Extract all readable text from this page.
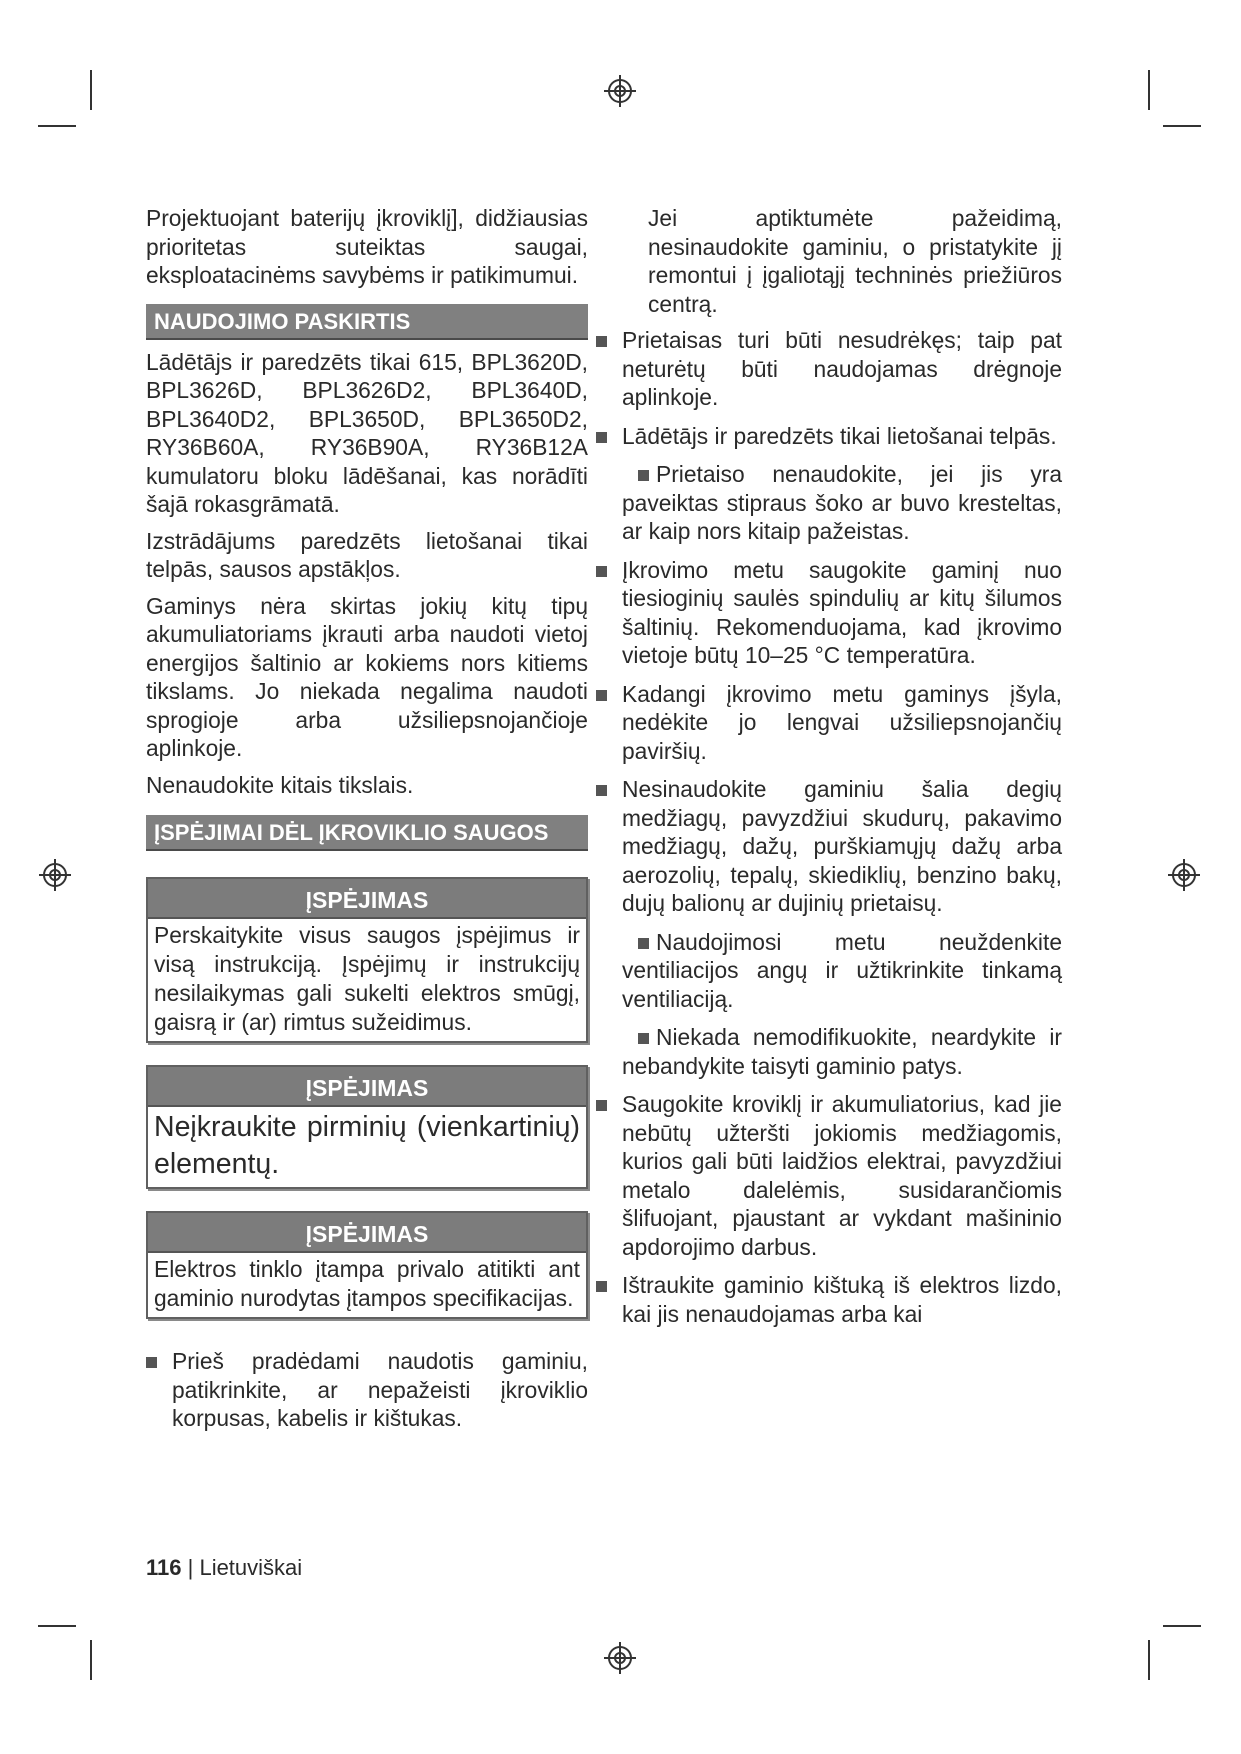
Projektuojant baterijų įkroviklį], didžiausias prioritetas suteiktas saugai, eksploatacinėms savybėms ir patikimumui.

NAUDOJIMO PASKIRTIS

Lādētājs ir paredzēts tikai 615, BPL3620D, BPL3626D, BPL3626D2, BPL3640D, BPL3640D2, BPL3650D, BPL3650D2, RY36B60A, RY36B90A, RY36B12A kumulatoru bloku lādēšanai, kas norādīti šajā rokasgrāmatā.

Izstrādājums paredzēts lietošanai tikai telpās, sausos apstākļos.

Gaminys nėra skirtas jokių kitų tipų akumuliatoriams įkrauti arba naudoti vietoj energijos šaltinio ar kokiems nors kitiems tikslams. Jo niekada negalima naudoti sprogioje arba užsiliepsnojančioje aplinkoje.

Nenaudokite kitais tikslais.

ĮSPĖJIMAI DĖL ĮKROVIKLIO SAUGOS
ĮSPĖJIMAS
Perskaitykite visus saugos įspėjimus ir visą instrukciją. Įspėjimų ir instrukcijų nesilaikymas gali sukelti elektros smūgį, gaisrą ir (ar) rimtus sužeidimus.
ĮSPĖJIMAS
Neįkraukite pirminių (vienkartinių) elementų.
ĮSPĖJIMAS
Elektros tinklo įtampa privalo atitikti ant gaminio nurodytas įtampos specifikacijas.
Prieš pradėdami naudotis gaminiu, patikrinkite, ar nepažeisti įkroviklio korpusas, kabelis ir kištukas.

Jei aptiktumėte pažeidimą, nesinaudokite gaminiu, o pristatykite jį remontui į įgaliotąjį techninės priežiūros centrą.

Prietaisas turi būti nesudrėkęs; taip pat neturėtų būti naudojamas drėgnoje aplinkoje.
Lādētājs ir paredzēts tikai lietošanai telpās.
Prietaiso nenaudokite, jei jis yra paveiktas stipraus šoko ar buvo kresteltas, ar kaip nors kitaip pažeistas.
Įkrovimo metu saugokite gaminį nuo tiesioginių saulės spindulių ar kitų šilumos šaltinių. Rekomenduojama, kad įkrovimo vietoje būtų 10–25 °C temperatūra.
Kadangi įkrovimo metu gaminys įšyla, nedėkite jo lengvai užsiliepsnojančių paviršių.
Nesinaudokite gaminiu šalia degių medžiagų, pavyzdžiui skudurų, pakavimo medžiagų, dažų, purškiamųjų dažų arba aerozolių, tepalų, skiediklių, benzino bakų, dujų balionų ar dujinių prietaisų.
Naudojimosi metu neuždenkite ventiliacijos angų ir užtikrinkite tinkamą ventiliaciją.
Niekada nemodifikuokite, neardykite ir nebandykite taisyti gaminio patys.
Saugokite kroviklį ir akumuliatorius, kad jie nebūtų užteršti jokiomis medžiagomis, kurios gali būti laidžios elektrai, pavyzdžiui metalo dalelėmis, susidarančiomis šlifuojant, pjaustant ar vykdant mašininio apdorojimo darbus.
Ištraukite gaminio kištuką iš elektros lizdo, kai jis nenaudojamas arba kai
116 | Lietuviškai
